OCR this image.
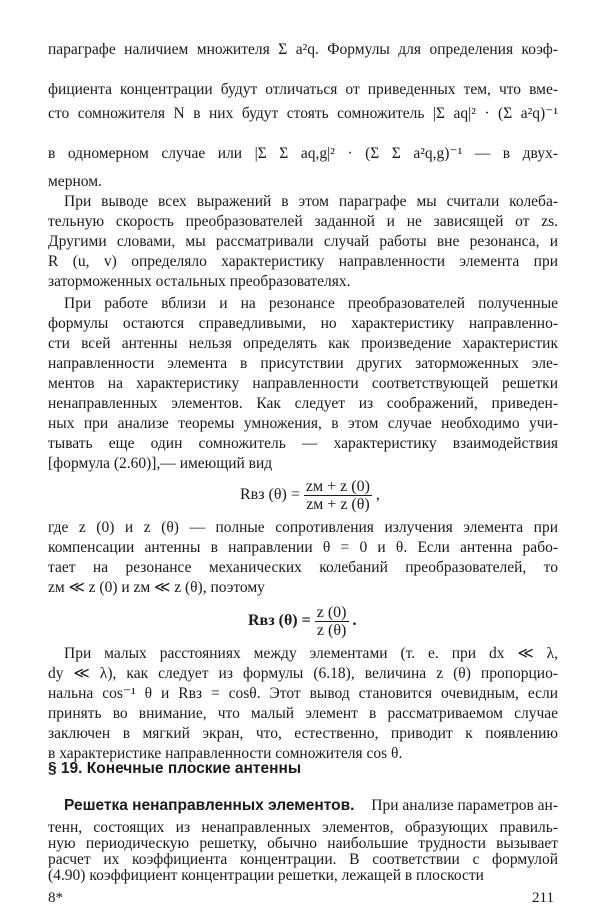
параграфе наличием множителя Σ a²q. Формулы для определения коэф-
фициента концентрации будут отличаться от приведенных тем, что вме-
сто сомножителя N в них будут стоять сомножитель |Σ aq|² · (Σ a²q)⁻¹
в одномерном случае или |Σ Σ aq,g|² · (Σ Σ a²q,g)⁻¹ — в двух-
мерном.
При выводе всех выражений в этом параграфе мы считали колеба-
тельную скорость преобразователей заданной и не зависящей от zs.
Другими словами, мы рассматривали случай работы вне резонанса, и
R (u, v) определяло характеристику направленности элемента при
заторможенных остальных преобразователях.
При работе вблизи и на резонансе преобразователей полученные
формулы остаются справедливыми, но характеристику направленно-
сти всей антенны нельзя определять как произведение характеристик
направленности элемента в присутствии других заторможенных эле-
ментов на характеристику направленности соответствующей решетки
ненаправленных элементов. Как следует из соображений, приведен-
ных при анализе теоремы умножения, в этом случае необходимо учи-
тывать еще один сомножитель — характеристику взаимодействия
[формула (2.60)],— имеющий вид
Rвз $(\theta) = \frac{zм + z (0)}{zм + z (\theta)}$ ,
где z (0) и z (θ) — полные сопротивления излучения элемента при
компенсации антенны в направлении θ = 0 и θ. Если антенна рабо-
тает на резонансе механических колебаний преобразователей, то
zм ≪ z (0) и zм ≪ z (θ), поэтому
Rвз $(\theta) = \frac{z (0)}{z (\theta)}$ .
При малых расстояниях между элементами (т. е. при dx ≪ λ,
dy ≪ λ), как следует из формулы (6.18), величина z (θ) пропорцио-
нальна cos⁻¹ θ и Rвз = cosθ. Этот вывод становится очевидным, если
принять во внимание, что малый элемент в рассматриваемом случае
заключен в мягкий экран, что, естественно, приводит к появлению
§ 19. Конечные плоские антенны
Решетка ненаправленных элементов. При анализе параметров ан-
тенн, состоящих из ненаправленных элементов, образующих правиль-
ную периодическую решетку, обычно наибольшие трудности вызывает
расчет их коэффициента концентрации. В соответствии с формулой
8*	211
в характеристике направленности сомножителя cos θ.
(4.90) коэффициент концентрации решетки, лежащей в плоскости
